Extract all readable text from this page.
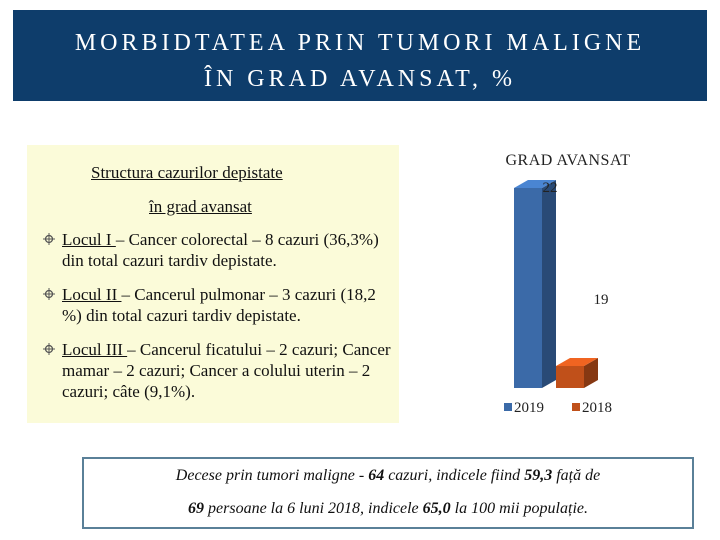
MORBIDTATEA PRIN TUMORI MALIGNE
ÎN GRAD AVANSAT, %
Structura cazurilor depistate
în grad avansat
Locul I – Cancer colorectal – 8 cazuri (36,3%) din total cazuri tardiv depistate.
Locul II – Cancerul pulmonar – 3 cazuri (18,2 %) din total cazuri tardiv depistate.
Locul III – Cancerul ficatului – 2 cazuri; Cancer mamar – 2 cazuri; Cancer a colului uterin – 2 cazuri; câte (9,1%).
GRAD AVANSAT
22
19
2019	2018
Decese prin tumori maligne - 64 cazuri, indicele fiind 59,3 față de
69 persoane la 6 luni 2018, indicele 65,0 la 100 mii populație.
